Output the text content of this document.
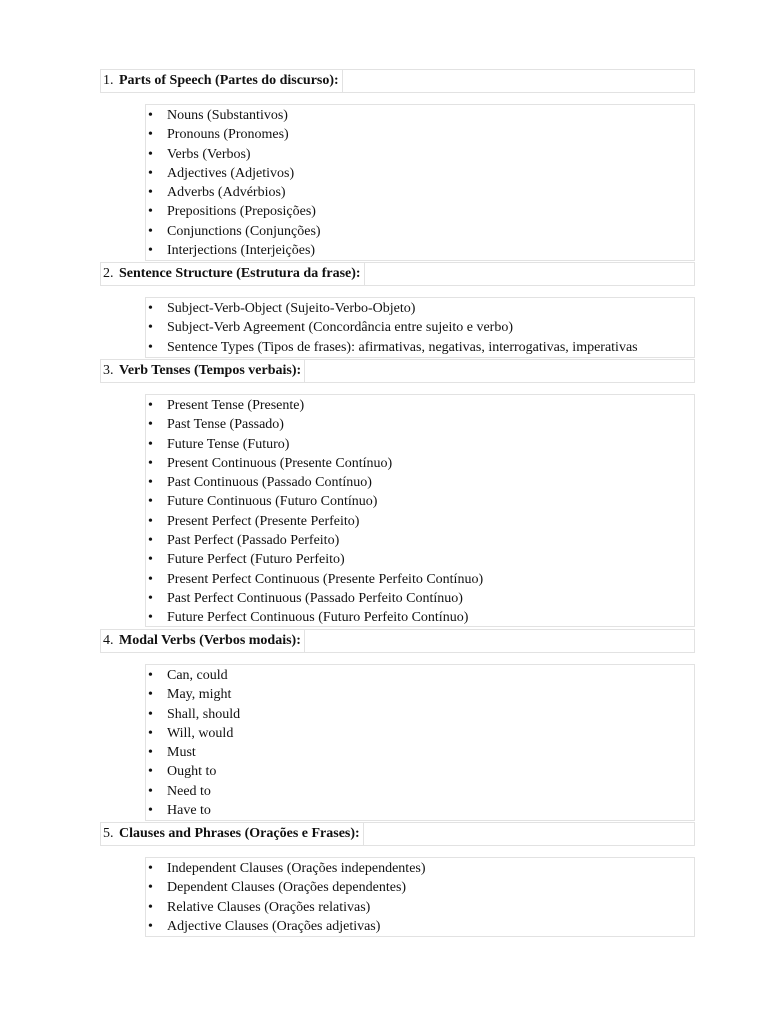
1. Parts of Speech (Partes do discurso):
• Nouns (Substantivos)
• Pronouns (Pronomes)
• Verbs (Verbos)
• Adjectives (Adjetivos)
• Adverbs (Advérbios)
• Prepositions (Preposições)
• Conjunctions (Conjunções)
• Interjections (Interjeições)
2. Sentence Structure (Estrutura da frase):
• Subject-Verb-Object (Sujeito-Verbo-Objeto)
• Subject-Verb Agreement (Concordância entre sujeito e verbo)
• Sentence Types (Tipos de frases): afirmativas, negativas, interrogativas, imperativas
3. Verb Tenses (Tempos verbais):
• Present Tense (Presente)
• Past Tense (Passado)
• Future Tense (Futuro)
• Present Continuous (Presente Contínuo)
• Past Continuous (Passado Contínuo)
• Future Continuous (Futuro Contínuo)
• Present Perfect (Presente Perfeito)
• Past Perfect (Passado Perfeito)
• Future Perfect (Futuro Perfeito)
• Present Perfect Continuous (Presente Perfeito Contínuo)
• Past Perfect Continuous (Passado Perfeito Contínuo)
• Future Perfect Continuous (Futuro Perfeito Contínuo)
4. Modal Verbs (Verbos modais):
• Can, could
• May, might
• Shall, should
• Will, would
• Must
• Ought to
• Need to
• Have to
5. Clauses and Phrases (Orações e Frases):
• Independent Clauses (Orações independentes)
• Dependent Clauses (Orações dependentes)
• Relative Clauses (Orações relativas)
• Adjective Clauses (Orações adjetivas)
